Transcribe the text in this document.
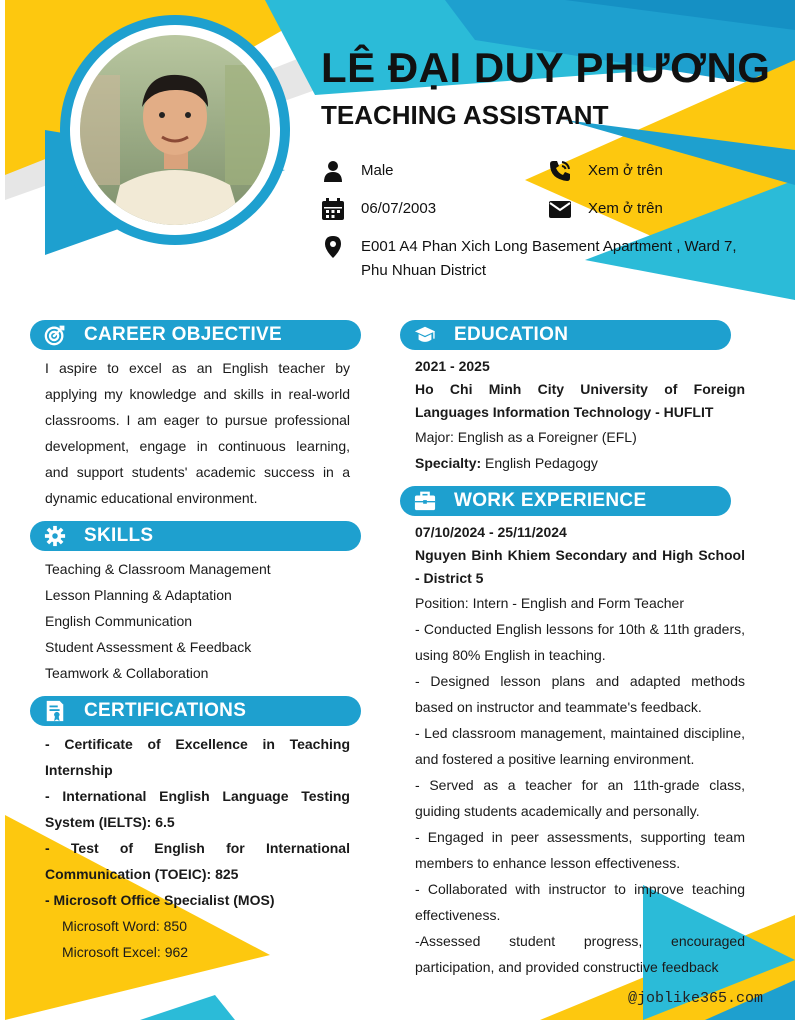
LÊ ĐẠI DUY PHƯƠNG
TEACHING ASSISTANT
Male	Xem ở trên
06/07/2003	Xem ở trên
E001 A4 Phan Xich Long Basement Apartment , Ward 7, Phu Nhuan District
CAREER OBJECTIVE
I aspire to excel as an English teacher by applying my knowledge and skills in real-world classrooms. I am eager to pursue professional development, engage in continuous learning, and support students' academic success in a dynamic educational environment.
SKILLS
Teaching & Classroom Management
Lesson Planning & Adaptation
English Communication
Student Assessment & Feedback
Teamwork & Collaboration
CERTIFICATIONS
- Certificate of Excellence in Teaching Internship
- International English Language Testing System (IELTS): 6.5
- Test of English for International Communication (TOEIC): 825
- Microsoft Office Specialist (MOS)
Microsoft Word: 850
Microsoft Excel: 962
EDUCATION
2021 - 2025
Ho Chi Minh City University of Foreign Languages Information Technology - HUFLIT
Major: English as a Foreigner (EFL)
Specialty: English Pedagogy
WORK EXPERIENCE
07/10/2024 - 25/11/2024
Nguyen Binh Khiem Secondary and High School - District 5
Position: Intern - English and Form Teacher
- Conducted English lessons for 10th & 11th graders, using 80% English in teaching.
- Designed lesson plans and adapted methods based on instructor and teammate's feedback.
- Led classroom management, maintained discipline, and fostered a positive learning environment.
- Served as a teacher for an 11th-grade class, guiding students academically and personally.
- Engaged in peer assessments, supporting team members to enhance lesson effectiveness.
- Collaborated with instructor to improve teaching effectiveness.
-Assessed student progress, encouraged participation, and provided constructive feedback
@joblike365.com
